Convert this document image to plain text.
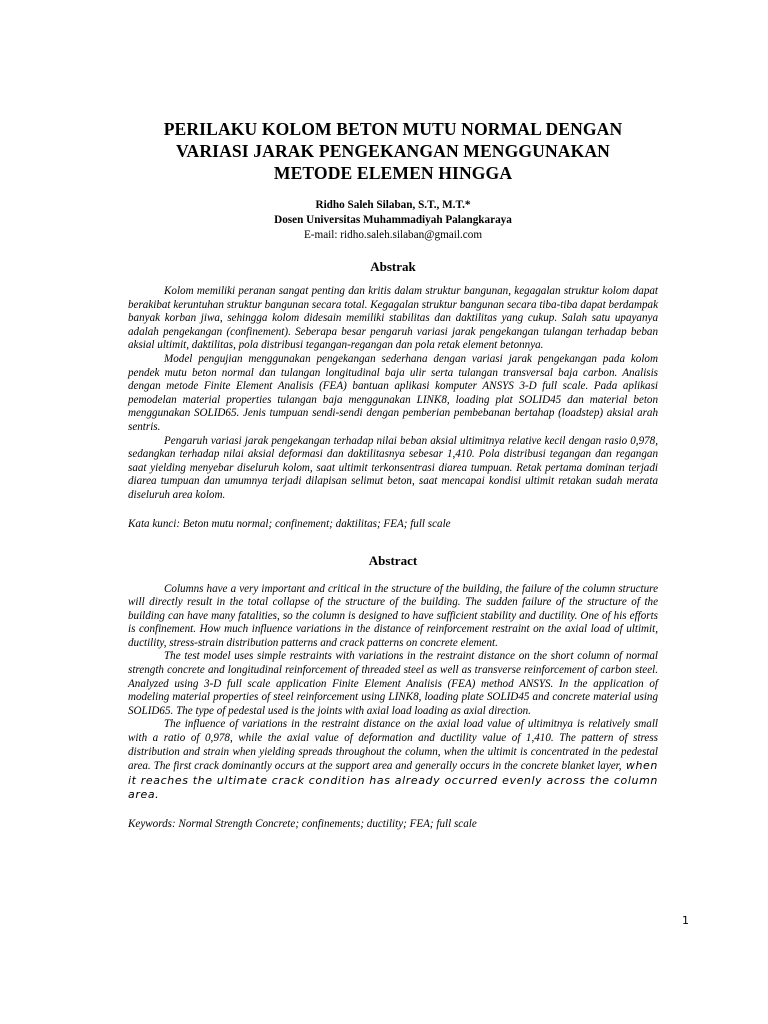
PERILAKU KOLOM BETON MUTU NORMAL DENGAN
VARIASI JARAK PENGEKANGAN MENGGUNAKAN
METODE ELEMEN HINGGA
Ridho Saleh Silaban, S.T., M.T.*
Dosen Universitas Muhammadiyah Palangkaraya
E-mail: ridho.saleh.silaban@gmail.com
Abstrak

Kolom memiliki peranan sangat penting dan kritis dalam struktur bangunan, kegagalan struktur kolom dapat berakibat keruntuhan struktur bangunan secara total. Kegagalan struktur bangunan secara tiba-tiba dapat berdampak banyak korban jiwa, sehingga kolom didesain memiliki stabilitas dan daktilitas yang cukup. Salah satu upayanya adalah pengekangan (confinement). Seberapa besar pengaruh variasi jarak pengekangan tulangan terhadap beban aksial ultimit, daktilitas, pola distribusi tegangan-regangan dan pola retak element betonnya.

Model pengujian menggunakan pengekangan sederhana dengan variasi jarak pengekangan pada kolom pendek mutu beton normal dan tulangan longitudinal baja ulir serta tulangan transversal baja carbon. Analisis dengan metode Finite Element Analisis (FEA) bantuan aplikasi komputer ANSYS 3-D full scale. Pada aplikasi pemodelan material properties tulangan baja menggunakan LINK8, loading plat SOLID45 dan material beton menggunakan SOLID65. Jenis tumpuan sendi-sendi dengan pemberian pembebanan bertahap (loadstep) aksial arah sentris.

Pengaruh variasi jarak pengekangan terhadap nilai beban aksial ultimitnya relative kecil dengan rasio 0,978, sedangkan terhadap nilai aksial deformasi dan daktilitasnya sebesar 1,410. Pola distribusi tegangan dan regangan saat yielding menyebar diseluruh kolom, saat ultimit terkonsentrasi diarea tumpuan. Retak pertama dominan terjadi diarea tumpuan dan umumnya terjadi dilapisan selimut beton, saat mencapai kondisi ultimit retakan sudah merata diseluruh area kolom.

Kata kunci: Beton mutu normal; confinement; daktilitas; FEA; full scale
Abstract

Columns have a very important and critical in the structure of the building, the failure of the column structure will directly result in the total collapse of the structure of the building. The sudden failure of the structure of the building can have many fatalities, so the column is designed to have sufficient stability and ductility. One of his efforts is confinement. How much influence variations in the distance of reinforcement restraint on the axial load of ultimit, ductility, stress-strain distribution patterns and crack patterns on concrete element.

The test model uses simple restraints with variations in the restraint distance on the short column of normal strength concrete and longitudinal reinforcement of threaded steel as well as transverse reinforcement of carbon steel. Analyzed using 3-D full scale application Finite Element Analisis (FEA) method ANSYS. In the application of modeling material properties of steel reinforcement using LINK8, loading plate SOLID45 and concrete material using SOLID65. The type of pedestal used is the joints with axial load loading as axial direction.

The influence of variations in the restraint distance on the axial load value of ultimitnya is relatively small with a ratio of 0,978, while the axial value of deformation and ductility value of 1,410. The pattern of stress distribution and strain when yielding spreads throughout the column, when the ultimit is concentrated in the pedestal area. The first crack dominantly occurs at the support area and generally occurs in the concrete blanket layer, when it reaches the ultimate crack condition has already occurred evenly across the column area.

Keywords: Normal Strength Concrete; confinements; ductility; FEA; full scale
1
